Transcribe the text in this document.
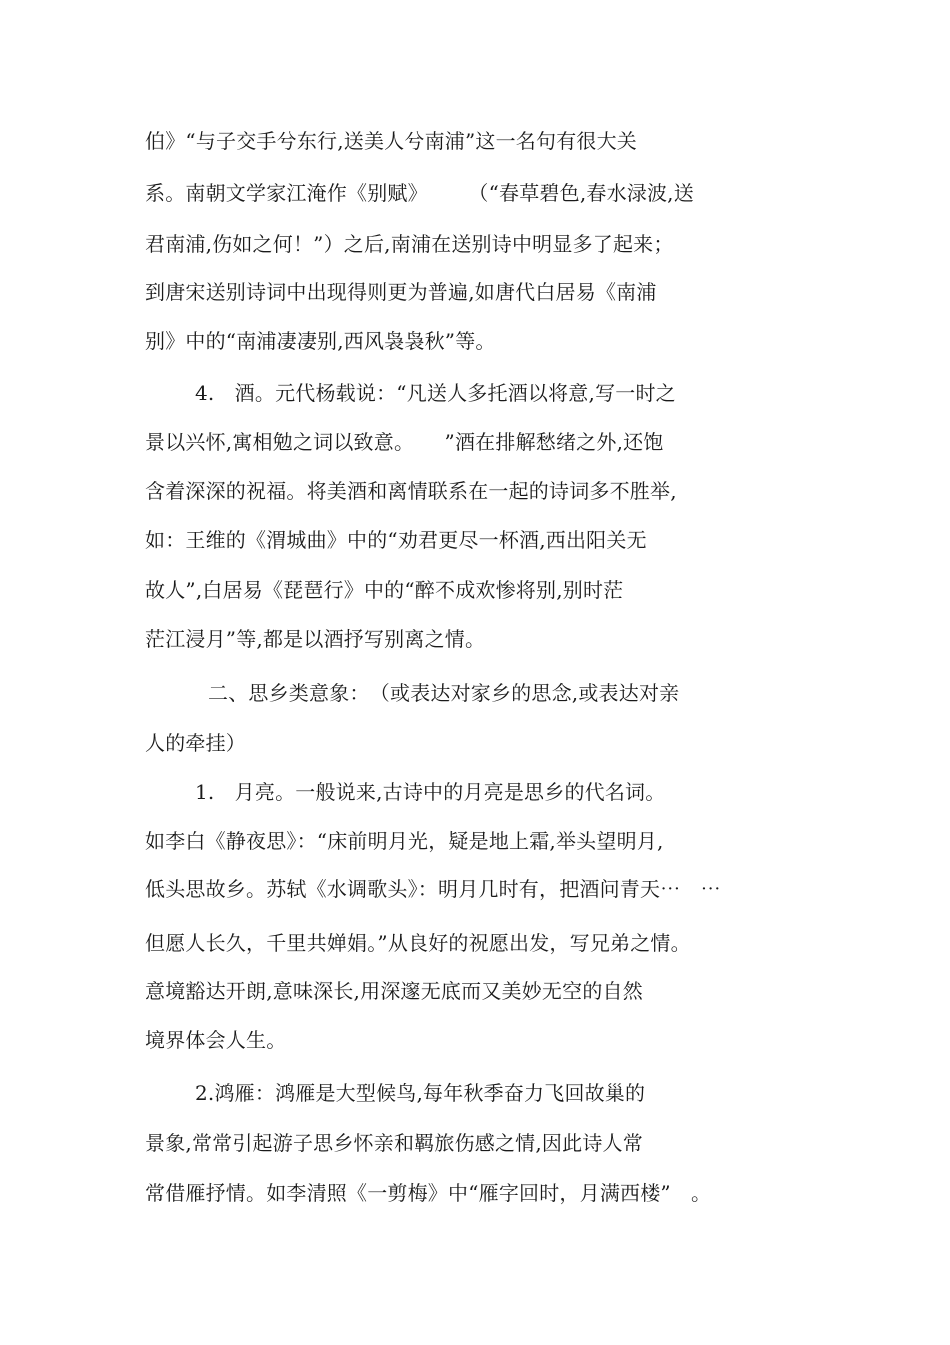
伯》“与子交手兮东行,送美人兮南浦”这一名句有很大关
系。南朝文学家江淹作《别赋》　　　（“春草碧色,春水渌波,送
君南浦,伤如之何！”）之后,南浦在送别诗中明显多了起来；
到唐宋送别诗词中出现得则更为普遍,如唐代白居易《南浦
别》中的“南浦凄凄别,西风袅袅秋”等。
4.　酒。元代杨载说：“凡送人多托酒以将意,写一时之
景以兴怀,寓相勉之词以致意。　　”酒在排解愁绪之外,还饱
含着深深的祝福。将美酒和离情联系在一起的诗词多不胜举,
如：王维的《渭城曲》中的“劝君更尽一杯酒,西出阳关无
故人”,白居易《琵琶行》中的“醉不成欢惨将别,别时茫
茫江浸月”等,都是以酒抒写别离之情。
二、思乡类意象：　（或表达对家乡的思念,或表达对亲
人的牵挂）
1.　月亮。一般说来,古诗中的月亮是思乡的代名词。
如李白《静夜思》：“床前明月光，疑是地上霜,举头望明月,
低头思故乡。苏轼《水调歌头》：明月几时有，把酒问青天⋯　⋯
但愿人长久，千里共婵娟。”从良好的祝愿出发，写兄弟之情。
意境豁达开朗,意味深长,用深邃无底而又美妙无空的自然
境界体会人生。
2.鸿雁：鸿雁是大型候鸟,每年秋季奋力飞回故巢的
景象,常常引起游子思乡怀亲和羁旅伤感之情,因此诗人常
常借雁抒情。如李清照《一剪梅》中“雁字回时，月满西楼”　。
